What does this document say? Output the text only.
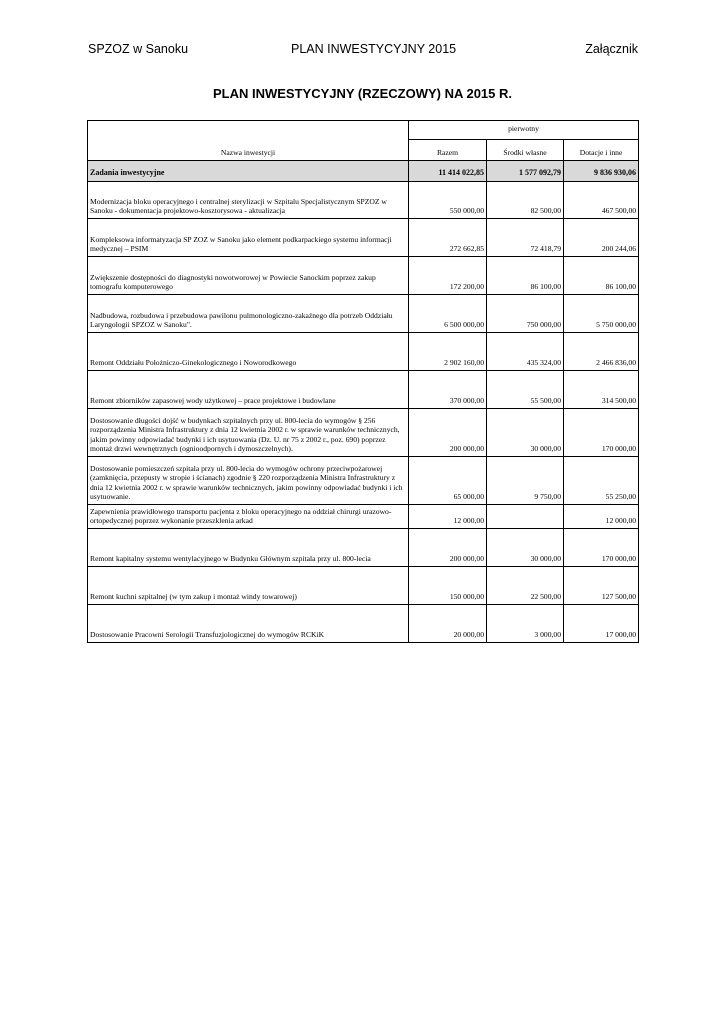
SPZOZ w Sanoku	PLAN INWESTYCYJNY 2015	Załącznik
PLAN INWESTYCYJNY (RZECZOWY) NA 2015 R.
Nazwa inwestycji	pierwotny		
	Razem	Środki własne	Dotacje i inne
Zadania inwestycyjne	11 414 022,85	1 577 092,79	9 836 930,06
Modernizacja bloku operacyjnego i centralnej sterylizacji w Szpitalu Specjalistycznym SPZOZ w Sanoku - dokumentacja projektowo-kosztorysowa - aktualizacja	550 000,00	82 500,00	467 500,00
Kompleksowa informatyzacja SP ZOZ w Sanoku jako element podkarpackiego systemu informacji medycznej – PSIM	272 662,85	72 418,79	200 244,06
Zwiększenie dostępności do diagnostyki nowotworowej w Powiecie Sanockim poprzez zakup tomografu komputerowego	172 200,00	86 100,00	86 100,00
Nadbudowa, rozbudowa i przebudowa pawilonu pulmonologiczno-zakaźnego dla potrzeb Oddziału Laryngologii SPZOZ w Sanoku".	6 500 000,00	750 000,00	5 750 000,00
Remont Oddziału Położniczo-Ginekologicznego i Noworodkowego	2 902 160,00	435 324,00	2 466 836,00
Remont zbiorników zapasowej wody użytkowej – prace projektowe i budowlane	370 000,00	55 500,00	314 500,00
Dostosowanie długości dojść w budynkach szpitalnych przy ul. 800-lecia do wymogów § 256 rozporządzenia Ministra Infrastruktury z dnia 12 kwietnia 2002 r. w sprawie warunków technicznych, jakim powinny odpowiadać budynki i ich usytuowania (Dz. U. nr 75 z 2002 r., poz. 690) poprzez montaż drzwi wewnętrznych (ognioodpornych i dymoszczelnych).	200 000,00	30 000,00	170 000,00
Dostosowanie pomieszczeń szpitala przy ul. 800-lecia do wymogów ochrony przeciwpożarowej (zamknięcia, przepusty w stropie i ścianach) zgodnie § 220 rozporządzenia Ministra Infrastruktury z dnia 12 kwietnia 2002 r. w sprawie warunków technicznych, jakim powinny odpowiadać budynki i ich usytuowanie.	65 000,00	9 750,00	55 250,00
Zapewnienia prawidłowego transportu pacjenta z bloku operacyjnego na oddział chirurgi urazowo- ortopedycznej poprzez wykonanie przeszklenia arkad	12 000,00		12 000,00
Remont kapitalny systemu wentylacyjnego w Budynku Głównym szpitala przy ul. 800-lecia	200 000,00	30 000,00	170 000,00
Remont kuchni szpitalnej (w tym zakup i montaż windy towarowej)	150 000,00	22 500,00	127 500,00
Dostosowanie Pracowni Serologii Transfuzjologicznej do wymogów RCKiK	20 000,00	3 000,00	17 000,00
